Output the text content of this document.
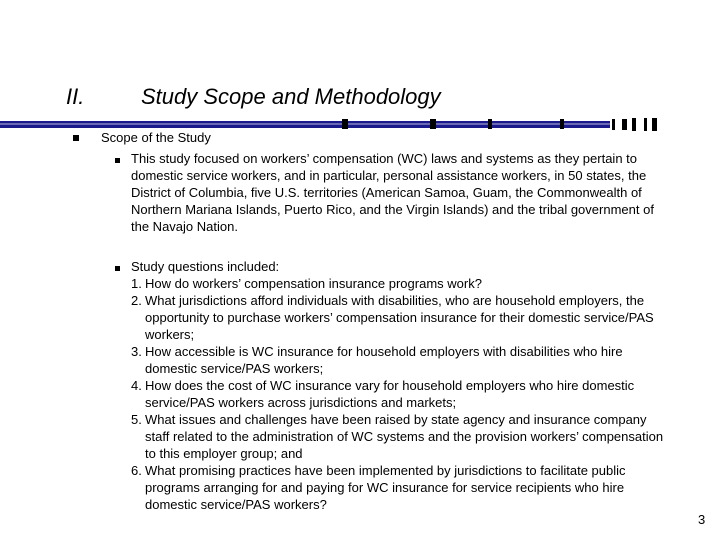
II.	Study Scope and Methodology
Scope of the Study
This study focused on workers’ compensation (WC) laws and systems as they pertain to domestic service workers, and in particular, personal assistance workers, in 50 states, the District of Columbia, five U.S. territories (American Samoa, Guam, the Commonwealth of Northern Mariana Islands, Puerto Rico, and the Virgin Islands) and the tribal government of the Navajo Nation.
Study questions included:
1. How do workers’ compensation insurance programs work?
2. What jurisdictions afford individuals with disabilities, who are household employers, the opportunity to purchase workers’ compensation insurance for their domestic service/PAS workers;
3. How accessible is WC insurance for household employers with disabilities who hire domestic service/PAS workers;
4. How does the cost of WC insurance vary for household employers who hire domestic service/PAS workers across jurisdictions and markets;
5. What issues and challenges have been raised by state agency and insurance company staff related to the administration of WC systems and the provision workers’ compensation to this employer group; and
6. What promising practices have been implemented by jurisdictions to facilitate public programs arranging for and paying for WC insurance for service recipients who hire domestic service/PAS workers?
3
